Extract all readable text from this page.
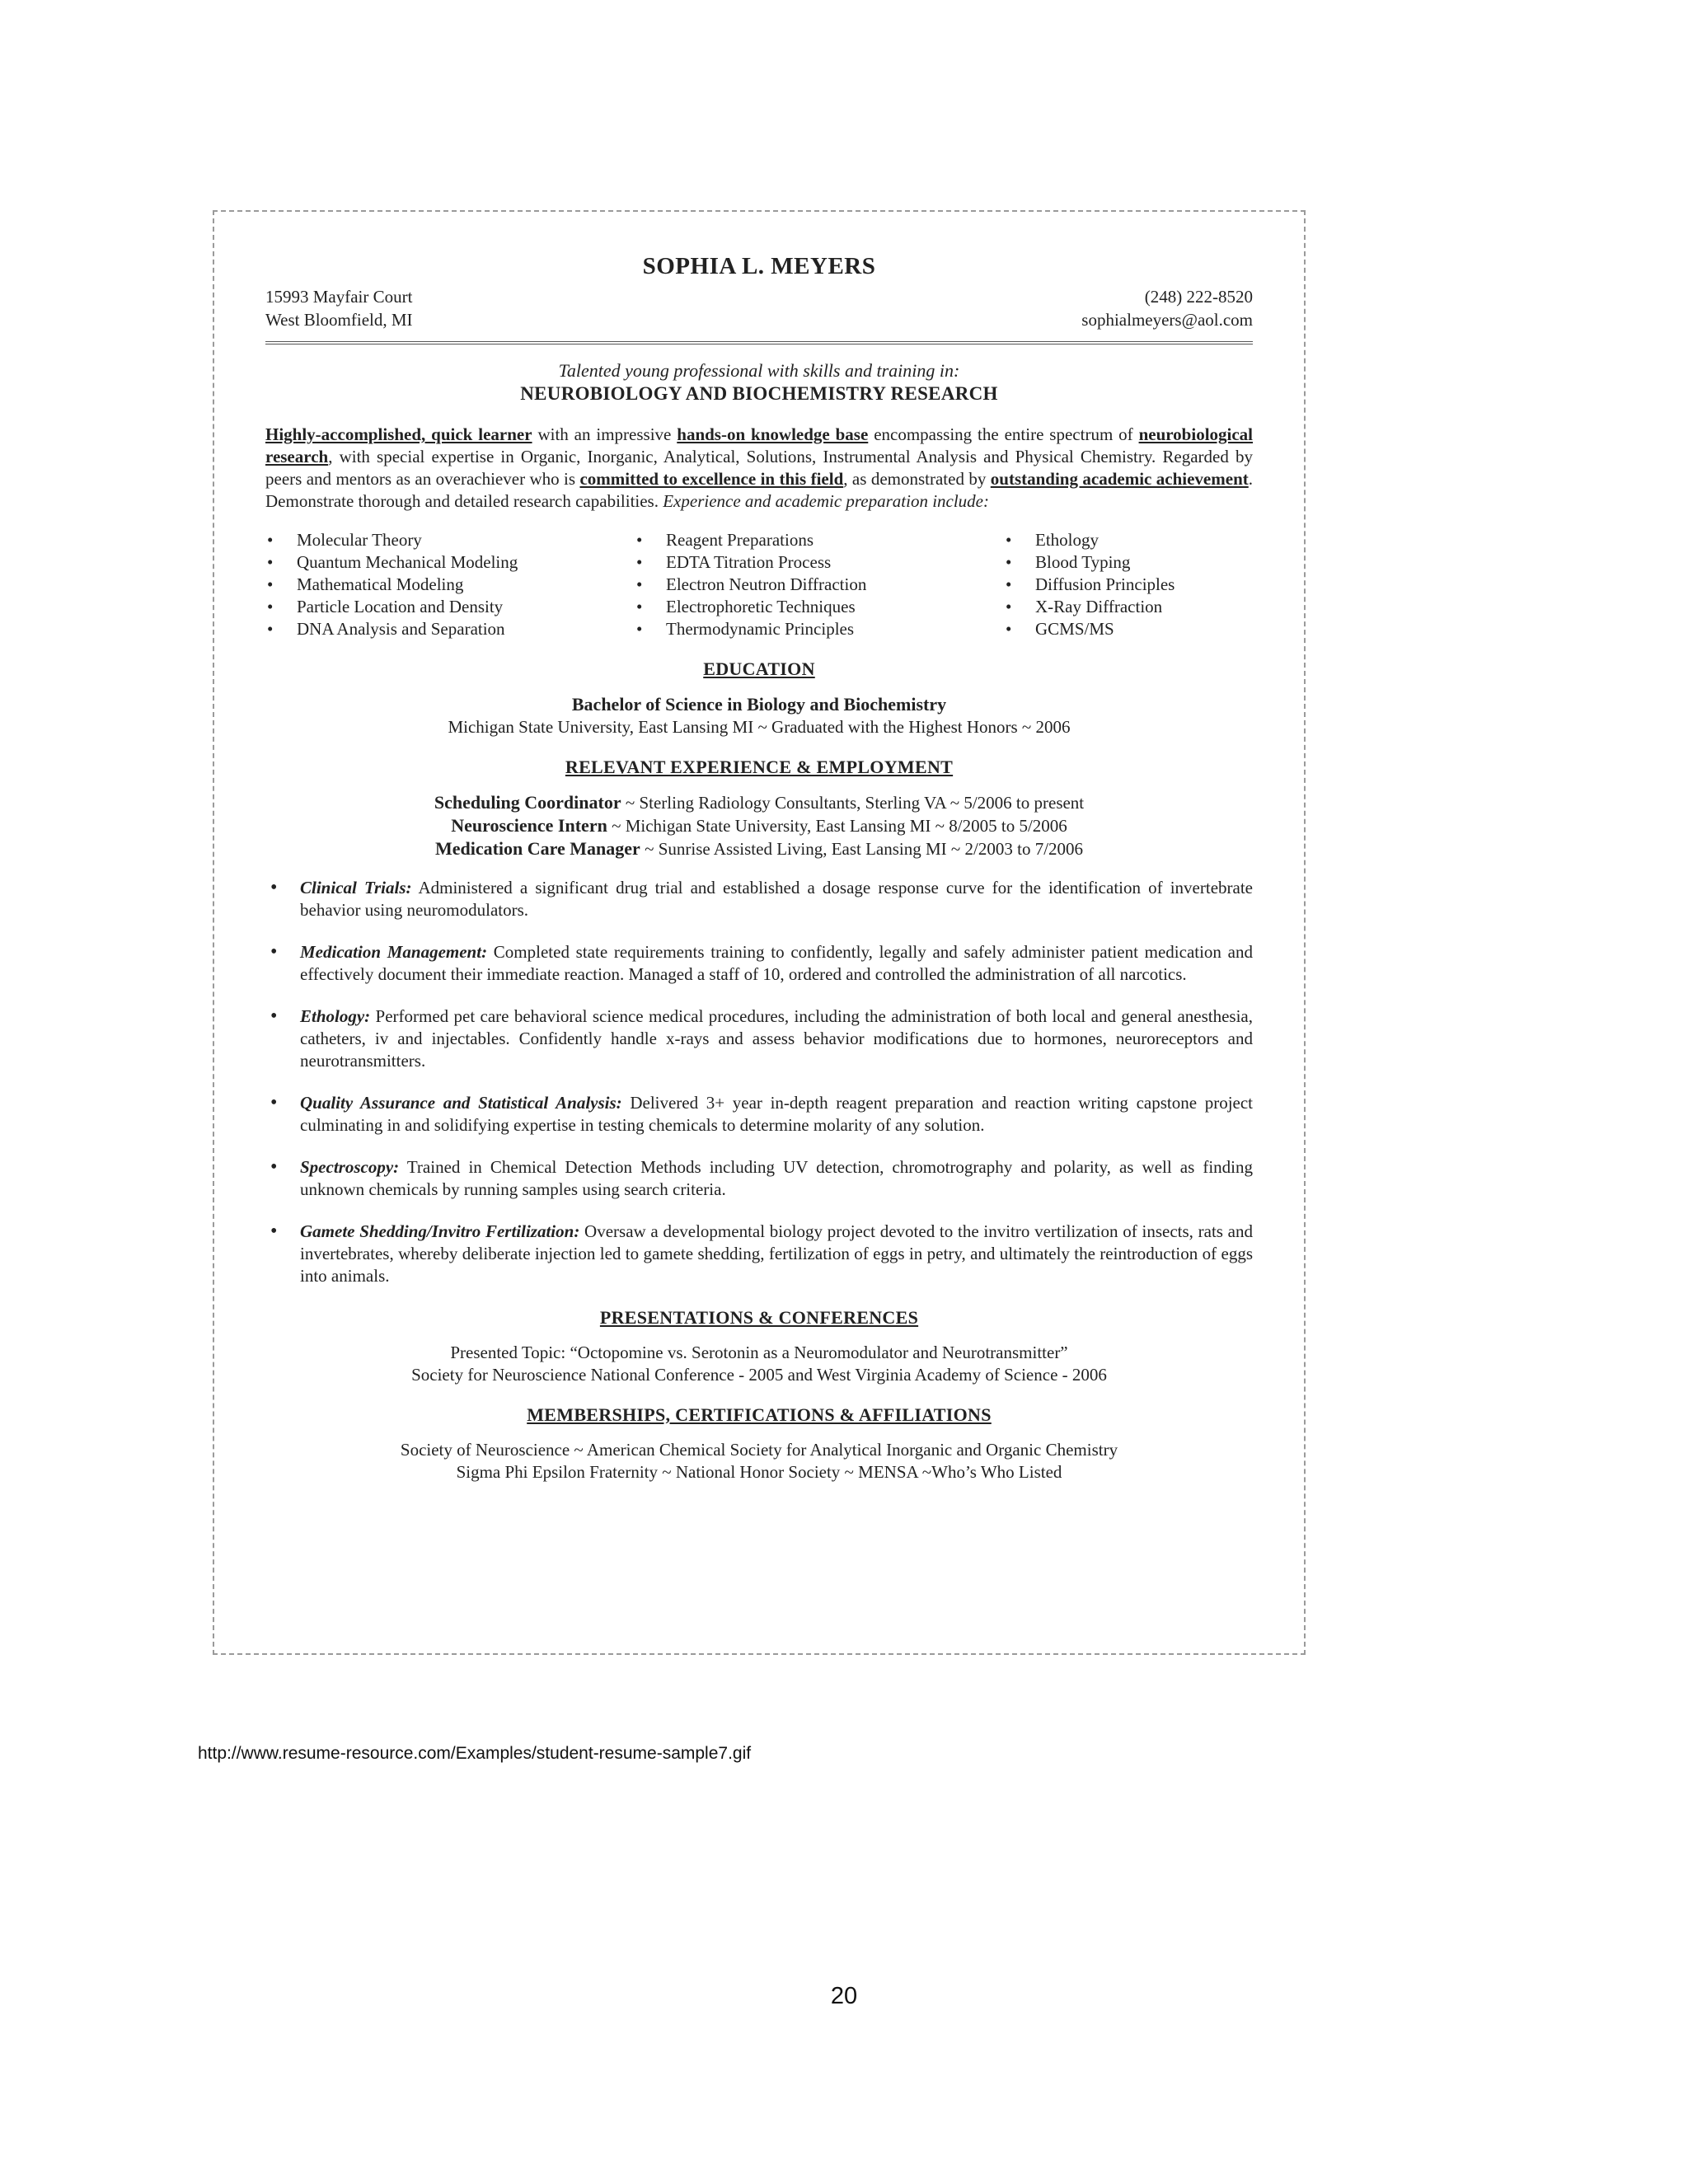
SOPHIA L. MEYERS
15993 Mayfair Court
West Bloomfield, MI
(248) 222-8520
sophialmeyers@aol.com
Talented young professional with skills and training in:
NEUROBIOLOGY AND BIOCHEMISTRY RESEARCH

Highly-accomplished, quick learner with an impressive hands-on knowledge base encompassing the entire spectrum of neurobiological research, with special expertise in Organic, Inorganic, Analytical, Solutions, Instrumental Analysis and Physical Chemistry. Regarded by peers and mentors as an overachiever who is committed to excellence in this field, as demonstrated by outstanding academic achievement. Demonstrate thorough and detailed research capabilities. Experience and academic preparation include:

• Molecular Theory
• Quantum Mechanical Modeling
• Mathematical Modeling
• Particle Location and Density
• DNA Analysis and Separation
• Reagent Preparations
• EDTA Titration Process
• Electron Neutron Diffraction
• Electrophoretic Techniques
• Thermodynamic Principles
• Ethology
• Blood Typing
• Diffusion Principles
• X-Ray Diffraction
• GCMS/MS
EDUCATION
Bachelor of Science in Biology and Biochemistry
Michigan State University, East Lansing MI ~ Graduated with the Highest Honors ~ 2006
RELEVANT EXPERIENCE & EMPLOYMENT
Scheduling Coordinator ~ Sterling Radiology Consultants, Sterling VA ~ 5/2006 to present
Neuroscience Intern ~ Michigan State University, East Lansing MI ~ 8/2005 to 5/2006
Medication Care Manager ~ Sunrise Assisted Living, East Lansing MI ~ 2/2003 to 7/2006
• Clinical Trials: Administered a significant drug trial and established a dosage response curve for the identification of invertebrate behavior using neuromodulators.
• Medication Management: Completed state requirements training to confidently, legally and safely administer patient medication and effectively document their immediate reaction. Managed a staff of 10, ordered and controlled the administration of all narcotics.
• Ethology: Performed pet care behavioral science medical procedures, including the administration of both local and general anesthesia, catheters, iv and injectables. Confidently handle x-rays and assess behavior modifications due to hormones, neuroreceptors and neurotransmitters.
• Quality Assurance and Statistical Analysis: Delivered 3+ year in-depth reagent preparation and reaction writing capstone project culminating in and solidifying expertise in testing chemicals to determine molarity of any solution.
• Spectroscopy: Trained in Chemical Detection Methods including UV detection, chromotrography and polarity, as well as finding unknown chemicals by running samples using search criteria.
• Gamete Shedding/Invitro Fertilization: Oversaw a developmental biology project devoted to the invitro vertilization of insects, rats and invertebrates, whereby deliberate injection led to gamete shedding, fertilization of eggs in petry, and ultimately the reintroduction of eggs into animals.
PRESENTATIONS & CONFERENCES
Presented Topic: “Octopomine vs. Serotonin as a Neuromodulator and Neurotransmitter”
Society for Neuroscience National Conference - 2005 and West Virginia Academy of Science - 2006
MEMBERSHIPS, CERTIFICATIONS & AFFILIATIONS
Society of Neuroscience ~ American Chemical Society for Analytical Inorganic and Organic Chemistry
Sigma Phi Epsilon Fraternity ~ National Honor Society ~ MENSA ~Who’s Who Listed
http://www.resume-resource.com/Examples/student-resume-sample7.gif
20
